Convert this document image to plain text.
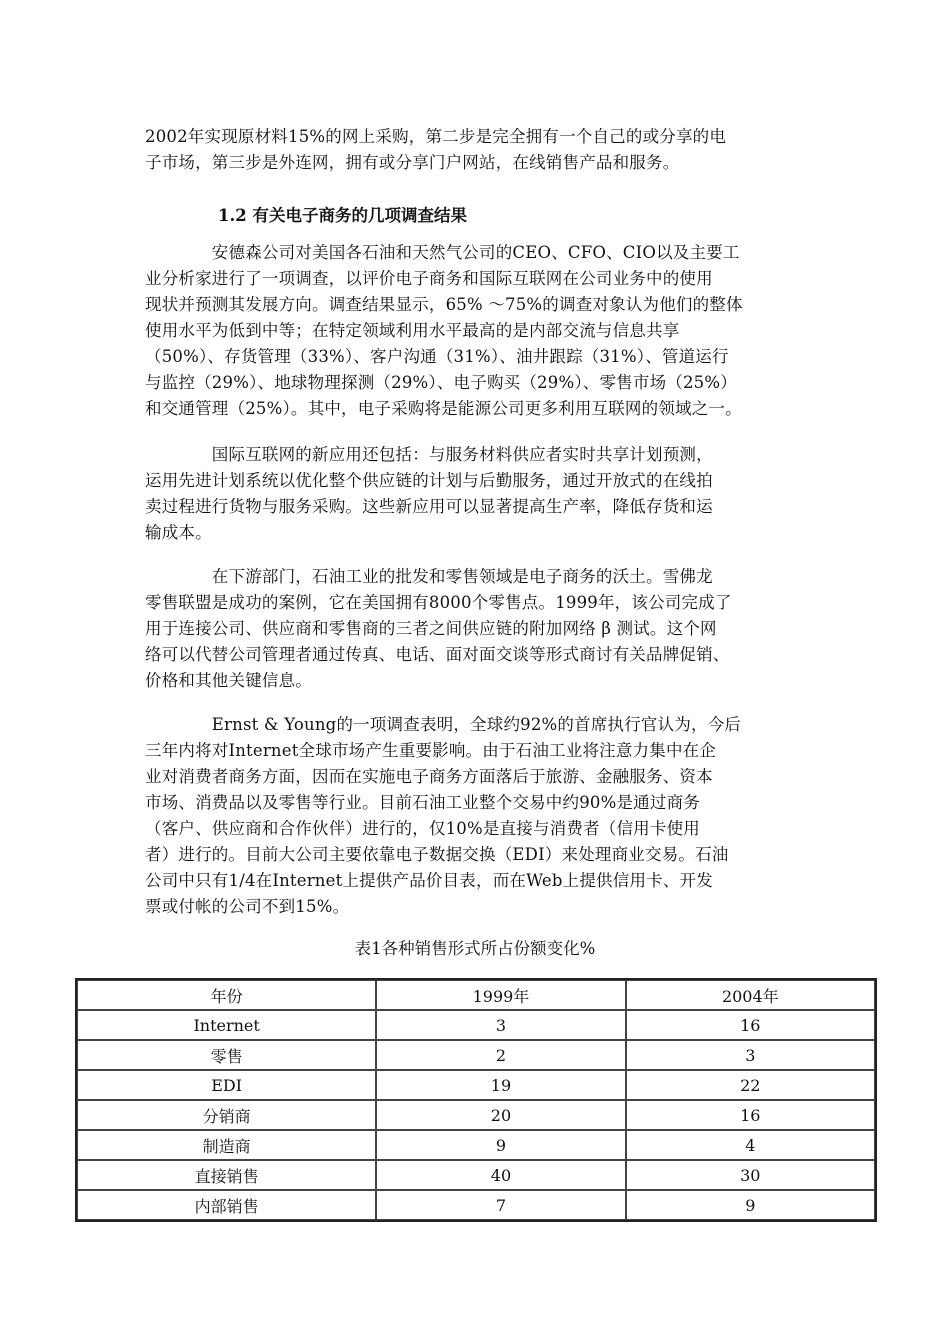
2002年实现原材料15%的网上采购，第二步是完全拥有一个自己的或分享的电
子市场，第三步是外连网，拥有或分享门户网站，在线销售产品和服务。
1.2 有关电子商务的几项调查结果
　　　　安德森公司对美国各石油和天然气公司的CEO、CFO、CIO以及主要工
业分析家进行了一项调查，以评价电子商务和国际互联网在公司业务中的使用
现状并预测其发展方向。调查结果显示，65% ～75%的调查对象认为他们的整体
使用水平为低到中等；在特定领域利用水平最高的是内部交流与信息共享
（50%）、存货管理（33%）、客户沟通（31%）、油井跟踪（31%）、管道运行
与监控（29%）、地球物理探测（29%）、电子购买（29%）、零售市场（25%）
和交通管理（25%）。其中，电子采购将是能源公司更多利用互联网的领域之一。
　　　　国际互联网的新应用还包括：与服务材料供应者实时共享计划预测，
运用先进计划系统以优化整个供应链的计划与后勤服务，通过开放式的在线拍
卖过程进行货物与服务采购。这些新应用可以显著提高生产率，降低存货和运
输成本。
　　　　在下游部门，石油工业的批发和零售领域是电子商务的沃土。雪佛龙
零售联盟是成功的案例，它在美国拥有8000个零售点。1999年，该公司完成了
用于连接公司、供应商和零售商的三者之间供应链的附加网络 β 测试。这个网
络可以代替公司管理者通过传真、电话、面对面交谈等形式商讨有关品牌促销、
价格和其他关键信息。
　　　　Ernst & Young的一项调查表明，全球约92%的首席执行官认为，今后
三年内将对Internet全球市场产生重要影响。由于石油工业将注意力集中在企
业对消费者商务方面，因而在实施电子商务方面落后于旅游、金融服务、资本
市场、消费品以及零售等行业。目前石油工业整个交易中约90%是通过商务
（客户、供应商和合作伙伴）进行的，仅10%是直接与消费者（信用卡使用
者）进行的。目前大公司主要依靠电子数据交换（EDI）来处理商业交易。石油
公司中只有1/4在Internet上提供产品价目表，而在Web上提供信用卡、开发
票或付帐的公司不到15%。
表1各种销售形式所占份额变化%
年份	1999年	2004年
Internet	3	16
零售	2	3
EDI	19	22
分销商	20	16
制造商	9	4
直接销售	40	30
内部销售	7	9
